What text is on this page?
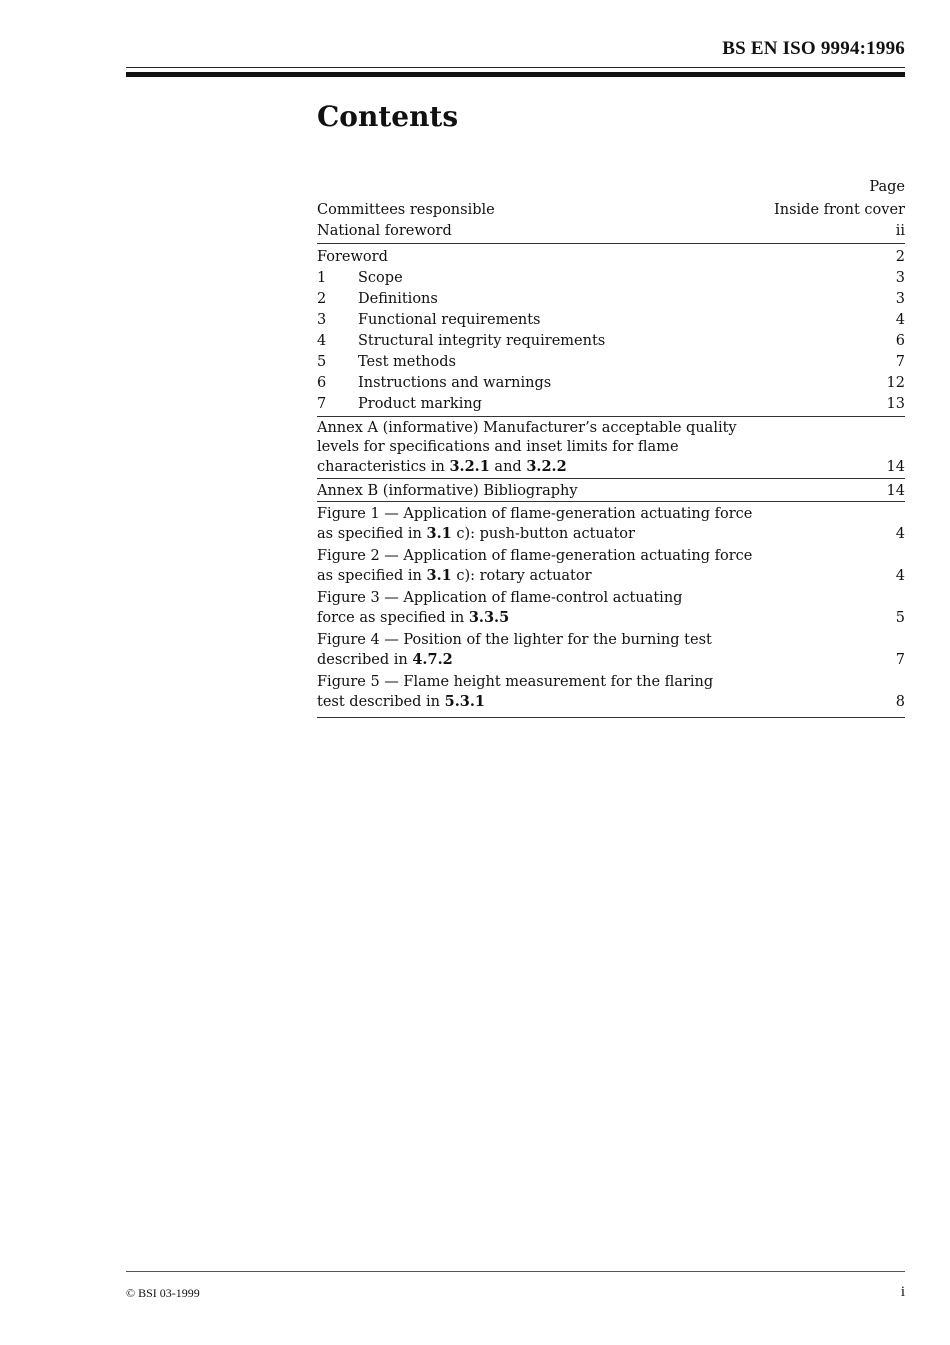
BS EN ISO 9994:1996
Contents
Page
Committees responsible	Inside front cover
National foreword	ii
Foreword	2
1 Scope	3
2 Definitions	3
3 Functional requirements	4
4 Structural integrity requirements	6
5 Test methods	7
6 Instructions and warnings	12
7 Product marking	13
Annex A (informative) Manufacturer’s acceptable quality
levels for specifications and inset limits for flame
characteristics in 3.2.1 and 3.2.2	14
Annex B (informative) Bibliography	14
Figure 1 — Application of flame-generation actuating force
as specified in 3.1 c): push-button actuator	4
Figure 2 — Application of flame-generation actuating force
as specified in 3.1 c): rotary actuator	4
Figure 3 — Application of flame-control actuating
force as specified in 3.3.5	5
Figure 4 — Position of the lighter for the burning test
described in 4.7.2	7
Figure 5 — Flame height measurement for the flaring
test described in 5.3.1	8
© BSI 03-1999	i
